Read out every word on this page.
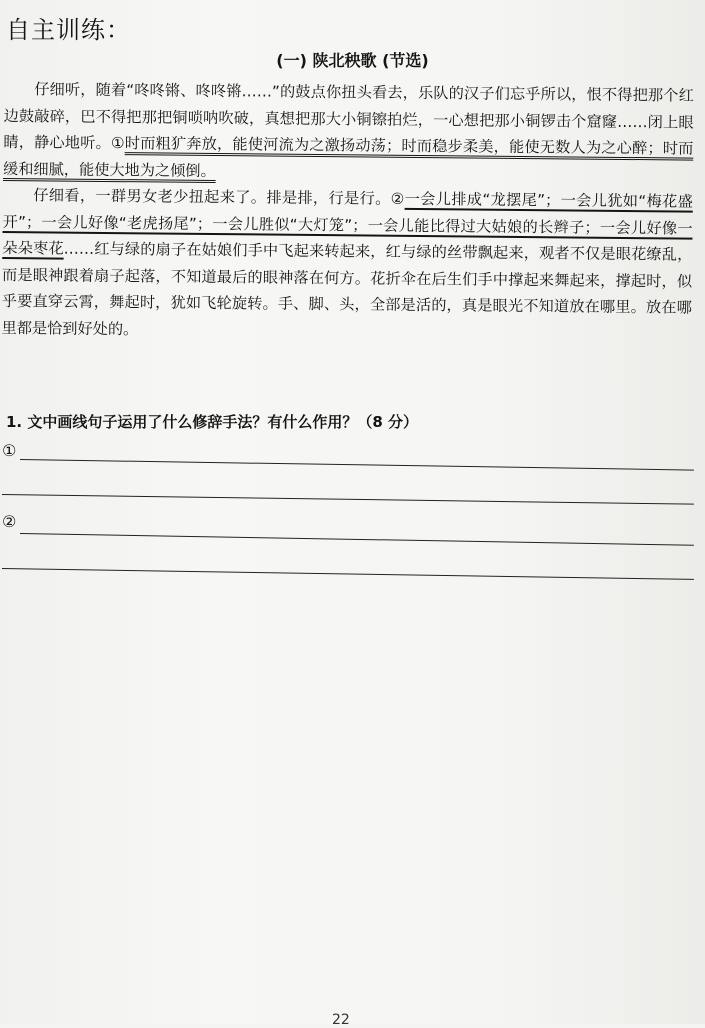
自主训练：
(一) 陕北秧歌 (节选)

仔细听，随着“咚咚锵、咚咚锵……”的鼓点你扭头看去，乐队的汉子们忘乎所以，恨不得把那个红边鼓敲碎，巴不得把那把铜唢呐吹破，真想把那大小铜镲拍烂，一心想把那小铜锣击个窟窿……闭上眼睛，静心地听。①时而粗犷奔放，能使河流为之激扬动荡；时而稳步柔美，能使无数人为之心醉；时而缓和细腻，能使大地为之倾倒。

仔细看，一群男女老少扭起来了。排是排，行是行。②一会儿排成“龙摆尾”；一会儿犹如“梅花盛开”；一会儿好像“老虎扬尾”；一会儿胜似“大灯笼”；一会儿能比得过大姑娘的长辫子；一会儿好像一朵朵枣花……红与绿的扇子在姑娘们手中飞起来转起来，红与绿的丝带飘起来，观者不仅是眼花缭乱，而是眼神跟着扇子起落，不知道最后的眼神落在何方。花折伞在后生们手中撑起来舞起来，撑起时，似乎要直穿云霄，舞起时，犹如飞轮旋转。手、脚、头，全部是活的，真是眼光不知道放在哪里。放在哪里都是恰到好处的。

1. 文中画线句子运用了什么修辞手法？有什么作用？（8 分）
①
②
22
